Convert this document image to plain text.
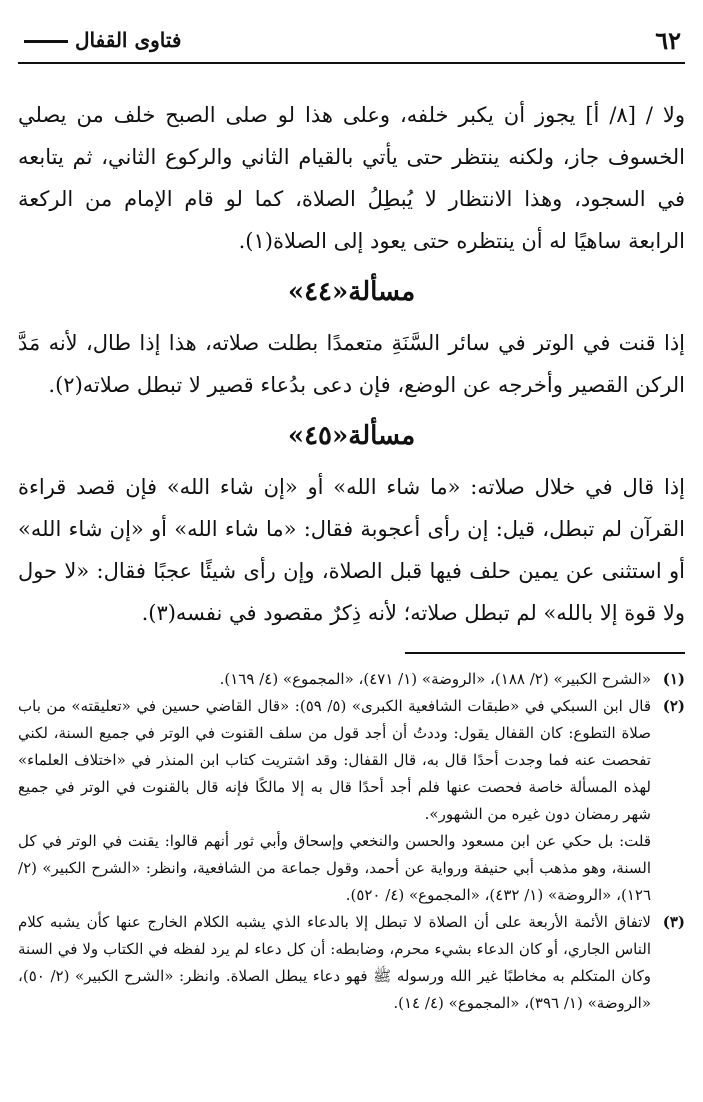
٦٢
فتاوى القفال

ولا / [٨/ أ] يجوز أن يكبر خلفه، وعلى هذا لو صلى الصبح خلف من يصلي الخسوف جاز، ولكنه ينتظر حتى يأتي بالقيام الثاني والركوع الثاني، ثم يتابعه في السجود، وهذا الانتظار لا يُبطِلُ الصلاة، كما لو قام الإمام من الركعة الرابعة ساهيًا له أن ينتظره حتى يعود إلى الصلاة(١).

مسألة«٤٤»

إذا قنت في الوتر في سائر السَّنَةِ متعمدًا بطلت صلاته، هذا إذا طال، لأنه مَدَّ الركن القصير وأخرجه عن الوضع، فإن دعى بدُعاء قصير لا تبطل صلاته(٢).

مسألة«٤٥»

إذا قال في خلال صلاته: «ما شاء الله» أو «إن شاء الله» فإن قصد قراءة القرآن لم تبطل، قيل: إن رأى أعجوبة فقال: «ما شاء الله» أو «إن شاء الله» أو استثنى عن يمين حلف فيها قبل الصلاة، وإن رأى شيئًا عجبًا فقال: «لا حول ولا قوة إلا بالله» لم تبطل صلاته؛ لأنه ذِكرٌ مقصود في نفسه(٣).

(١)

«الشرح الكبير» (٢/ ١٨٨)، «الروضة» (١/ ٤٧١)، «المجموع» (٤/ ١٦٩).

(٢)

قال ابن السبكي في «طبقات الشافعية الكبرى» (٥/ ٥٩): «قال القاضي حسين في «تعليقته» من باب صلاة التطوع: كان القفال يقول: وددتُ أن أجد قول من سلف القنوت في الوتر في جميع السنة، لكني تفحصت عنه فما وجدت أحدًا قال به، قال القفال: وقد اشتريت كتاب ابن المنذر في «اختلاف العلماء» لهذه المسألة خاصة فحصت عنها فلم أجد أحدًا قال به إلا مالكًا فإنه قال بالقنوت في الوتر في جميع شهر رمضان دون غيره من الشهور».

قلت: بل حكي عن ابن مسعود والحسن والنخعي وإسحاق وأبي ثور أنهم قالوا: يقنت في الوتر في كل السنة، وهو مذهب أبي حنيفة ورواية عن أحمد، وقول جماعة من الشافعية، وانظر: «الشرح الكبير» (٢/ ١٢٦)، «الروضة» (١/ ٤٣٢)، «المجموع» (٤/ ٥٢٠).

(٣)

لاتفاق الأئمة الأربعة على أن الصلاة لا تبطل إلا بالدعاء الذي يشبه الكلام الخارج عنها كأن يشبه كلام الناس الجاري، أو كان الدعاء بشيء محرم، وضابطه: أن كل دعاء لم يرد لفظه في الكتاب ولا في السنة وكان المتكلم به مخاطبًا غير الله ورسوله ﷺ فهو دعاء يبطل الصلاة. وانظر: «الشرح الكبير» (٢/ ٥٠)، «الروضة» (١/ ٣٩٦)، «المجموع» (٤/ ١٤).
